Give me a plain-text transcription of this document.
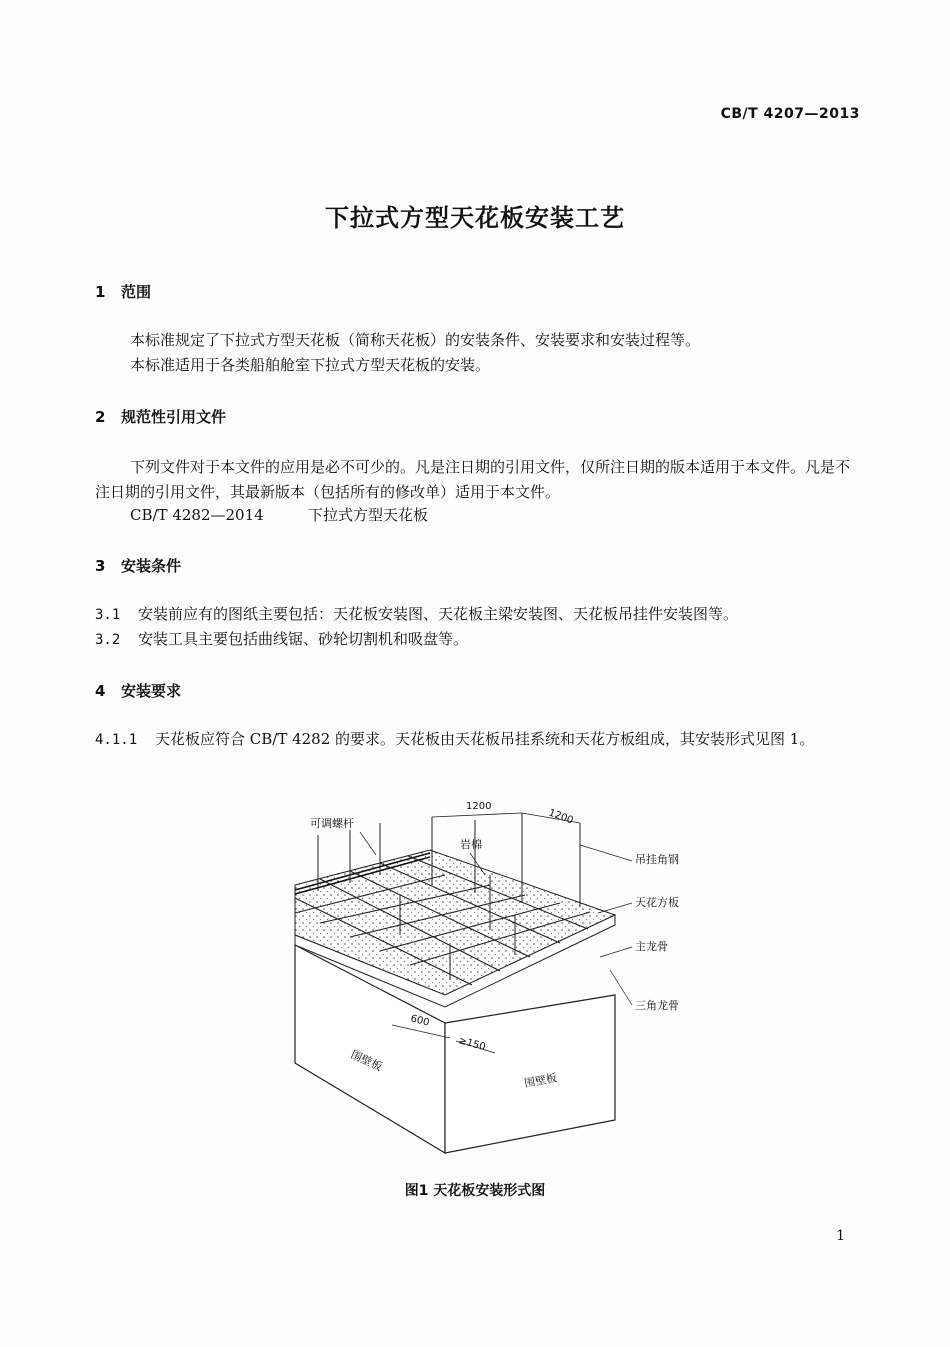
CB/T 4207—2013
下拉式方型天花板安装工艺
1 范围
本标准规定了下拉式方型天花板（简称天花板）的安装条件、安装要求和安装过程等。
本标准适用于各类船舶舱室下拉式方型天花板的安装。
2 规范性引用文件
下列文件对于本文件的应用是必不可少的。凡是注日期的引用文件，仅所注日期的版本适用于本文件。凡是不注日期的引用文件，其最新版本（包括所有的修改单）适用于本文件。
CB/T 4282—2014	下拉式方型天花板
3 安装条件
3.1 安装前应有的图纸主要包括：天花板安装图、天花板主梁安装图、天花板吊挂件安装图等。
3.2 安装工具主要包括曲线锯、砂轮切割机和吸盘等。
4 安装要求
4.1.1 天花板应符合 CB/T 4282 的要求。天花板由天花板吊挂系统和天花方板组成，其安装形式见图 1。
可调螺杆
岩棉
吊挂角钢
天花方板
主龙骨
三角龙骨
围壁板
围壁板
1200
1200
600
≥150
图1 天花板安装形式图
1
